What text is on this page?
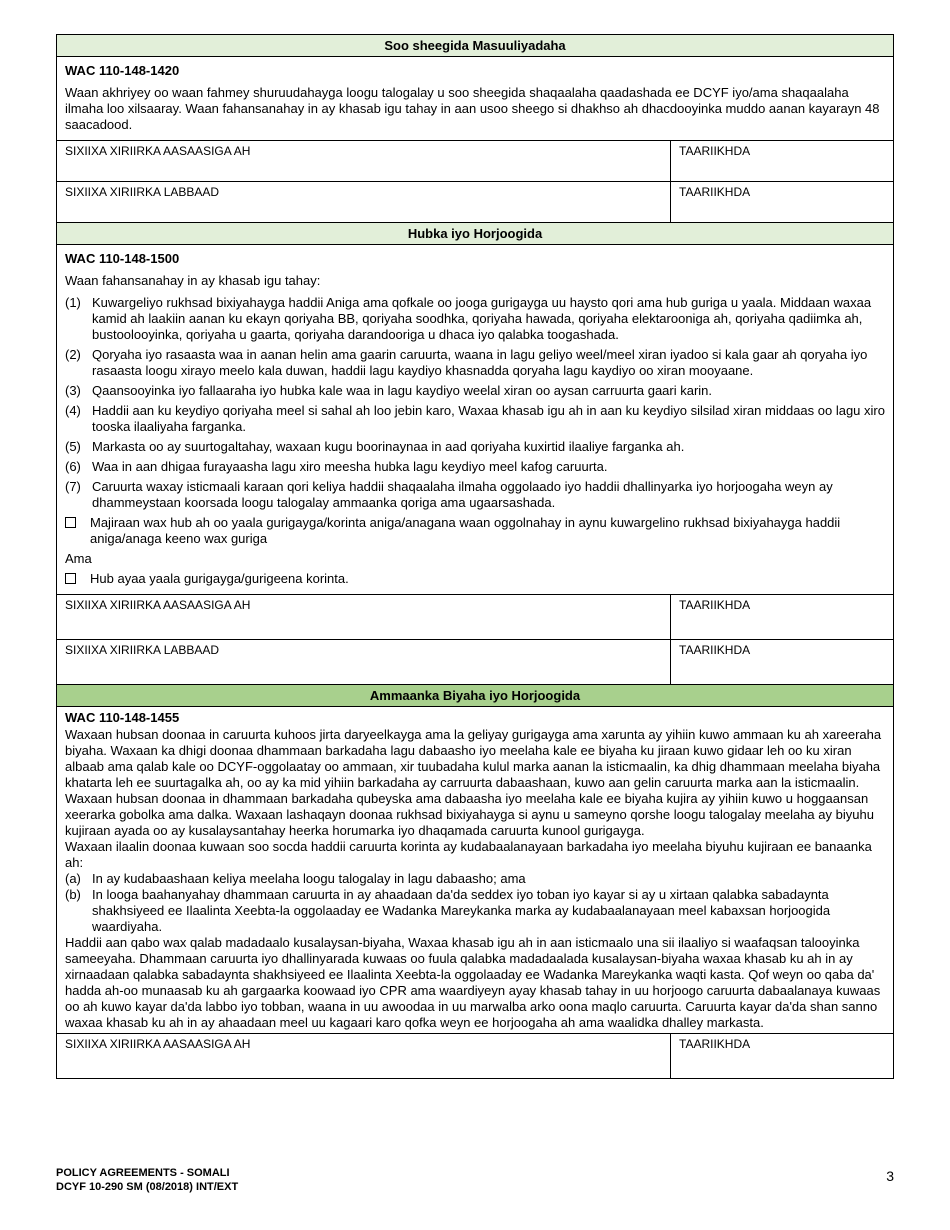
Soo sheegida Masuuliyadaha
WAC 110-148-1420

Waan akhriyey oo waan fahmey shuruudahayga loogu talogalay u soo sheegida shaqaalaha qaadashada ee DCYF iyo/ama shaqaalaha ilmaha loo xilsaaray. Waan fahansanahay in ay khasab igu tahay in aan usoo sheego si dhakhso ah dhacdooyinka muddo aanan kayarayn 48 saacadood.

SIXIIXA XIRIIRKA AASAASIGA AH	TAARIIKHDA
SIXIIXA XIRIIRKA LABBAAD	TAARIIKHDA
Hubka iyo Horjoogida
WAC 110-148-1500

Waan fahansanahay in ay khasab igu tahay:

(1) Kuwargeliyo rukhsad bixiyahayga haddii Aniga ama qofkale oo jooga gurigayga uu haysto qori ama hub guriga u yaala. Middaan waxaa kamid ah laakiin aanan ku ekayn qoriyaha BB, qoriyaha soodhka, qoriyaha hawada, qoriyaha elektarooniga ah, qoriyaha qadiimka ah, bustoolooyinka, qoriyaha u gaarta, qoriyaha darandooriga u dhaca iyo qalabka toogashada.
(2) Qoryaha iyo rasaasta waa in aanan helin ama gaarin caruurta, waana in lagu geliyo weel/meel xiran iyadoo si kala gaar ah qoryaha iyo rasaasta loogu xirayo meelo kala duwan, haddii lagu kaydiyo khasnadda qoryaha lagu kaydiyo oo xiran mooyaane.
(3) Qaansooyinka iyo fallaaraha iyo hubka kale waa in lagu kaydiyo weelal xiran oo aysan carruurta gaari karin.
(4) Haddii aan ku keydiyo qoriyaha meel si sahal ah loo jebin karo, Waxaa khasab igu ah in aan ku keydiyo silsilad xiran middaas oo lagu xiro tooska ilaaliyaha farganka.
(5) Markasta oo ay suurtogaltahay, waxaan kugu boorinaynaa in aad qoriyaha kuxirtid ilaaliye farganka ah.
(6) Waa in aan dhigaa furayaasha lagu xiro meesha hubka lagu keydiyo meel kafog caruurta.
(7) Caruurta waxay isticmaali karaan qori keliya haddii shaqaalaha ilmaha oggolaado iyo haddii dhallinyarka iyo horjoogaha weyn ay dhammeystaan koorsada loogu talogalay ammaanka qoriga ama ugaarsashada.
Majiraan wax hub ah oo yaala gurigayga/korinta aniga/anagana waan oggolnahay in aynu kuwargelino rukhsad bixiyahayga haddii aniga/anaga keeno wax guriga
Ama
Hub ayaa yaala gurigayga/gurigeena korinta.
SIXIIXA XIRIIRKA AASAASIGA AH	TAARIIKHDA
SIXIIXA XIRIIRKA LABBAAD	TAARIIKHDA
Ammaanka Biyaha iyo Horjoogida
WAC 110-148-1455

Waxaan hubsan doonaa in caruurta kuhoos jirta daryeelkayga ama la geliyay gurigayga ama xarunta ay yihiin kuwo ammaan ku ah xareeraha biyaha. Waxaan ka dhigi doonaa dhammaan barkadaha lagu dabaasho iyo meelaha kale ee biyaha ku jiraan kuwo gidaar leh oo ku xiran albaab ama qalab kale oo DCYF-oggolaatay oo ammaan, xir tuubadaha kulul marka aanan la isticmaalin, ka dhig dhammaan meelaha biyaha khatarta leh ee suurtagalka ah, oo ay ka mid yihiin barkadaha ay carruurta dabaashaan, kuwo aan gelin caruurta marka aan la isticmaalin.

Waxaan hubsan doonaa in dhammaan barkadaha qubeyska ama dabaasha iyo meelaha kale ee biyaha kujira ay yihiin kuwo u hoggaansan xeerarka gobolka ama dalka. Waxaan lashaqayn doonaa rukhsad bixiyahayga si aynu u sameyno qorshe loogu talogalay meelaha ay biyuhu kujiraan ayada oo ay kusalaysantahay heerka horumarka iyo dhaqamada caruurta kunool gurigayga.

Waxaan ilaalin doonaa kuwaan soo socda haddii caruurta korinta ay kudabaalanayaan barkadaha iyo meelaha biyuhu kujiraan ee banaanka ah:

(a) In ay kudabaashaan keliya meelaha loogu talogalay in lagu dabaasho; ama
(b) In looga baahanyahay dhammaan caruurta in ay ahaadaan da'da seddex iyo toban iyo kayar si ay u xirtaan qalabka sabadaynta shakhsiyeed ee Ilaalinta Xeebta-la oggolaaday ee Wadanka Mareykanka marka ay kudabaalanayaan meel kabaxsan horjoogida waardiyaha.

Haddii aan qabo wax qalab madadaalo kusalaysan-biyaha, Waxaa khasab igu ah in aan isticmaalo una sii ilaaliyo si waafaqsan talooyinka sameeyaha. Dhammaan caruurta iyo dhallinyarada kuwaas oo fuula qalabka madadaalada kusalaysan-biyaha waxaa khasab ku ah in ay xirnaadaan qalabka sabadaynta shakhsiyeed ee Ilaalinta Xeebta-la oggolaaday ee Wadanka Mareykanka waqti kasta. Qof weyn oo qaba da' hadda ah-oo munaasab ku ah gargaarka koowaad iyo CPR ama waardiyeyn ayay khasab tahay in uu horjoogo caruurta dabaalanaya kuwaas oo ah kuwo kayar da'da labbo iyo tobban, waana in uu awoodaa in uu marwalba arko oona maqlo caruurta. Caruurta kayar da'da shan sanno waxaa khasab ku ah in ay ahaadaan meel uu kagaari karo qofka weyn ee horjoogaha ah ama waalidka dhalley markasta.

SIXIIXA XIRIIRKA AASAASIGA AH	TAARIIKHDA
POLICY AGREEMENTS - SOMALI
DCYF 10-290 SM (08/2018) INT/EXT
3
